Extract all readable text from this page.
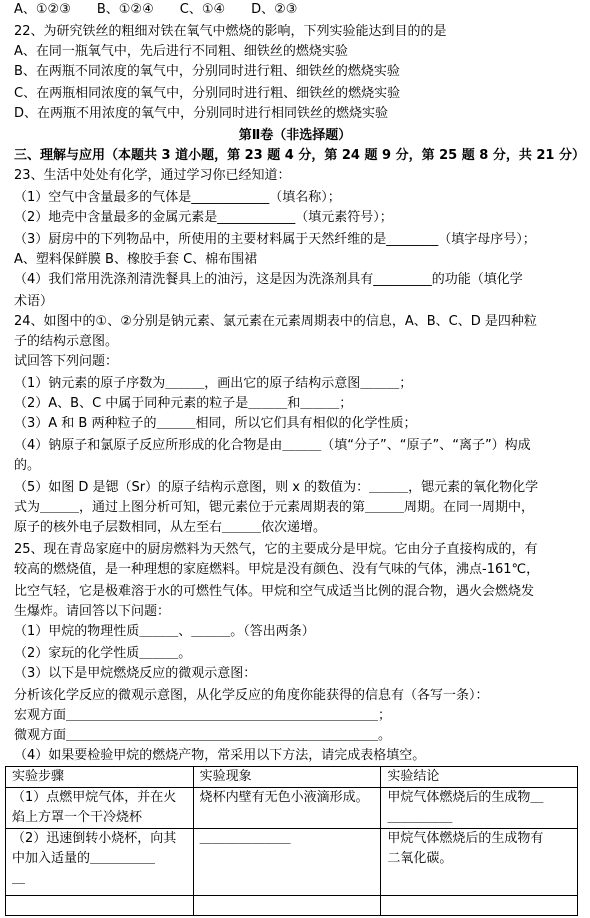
A、①②③　　B、①②④　　C、①④　　D、②③
22、为研究铁丝的粗细对铁在氧气中燃烧的影响，下列实验能达到目的的是
A、在同一瓶氧气中，先后进行不同粗、细铁丝的燃烧实验
B、在两瓶不同浓度的氧气中，分别同时进行粗、细铁丝的燃烧实验
C、在两瓶相同浓度的氧气中，分别同时进行粗、细铁丝的燃烧实验
D、在两瓶不用浓度的氧气中，分别同时进行相同铁丝的燃烧实验
第Ⅱ卷（非选择题）
三、理解与应用（本题共 3 道小题，第 23 题 4 分，第 24 题 9 分，第 25 题 8 分，共 21 分）
23、生活中处处有化学，通过学习你已经知道：
（1）空气中含量最多的气体是____________（填名称）；
（2）地壳中含量最多的金属元素是____________（填元素符号）；
（3）厨房中的下列物品中，所使用的主要材料属于天然纤维的是________（填字母序号）；
A、塑料保鲜膜 B、橡胶手套 C、棉布围裙
（4）我们常用洗涤剂清洗餐具上的油污，这是因为洗涤剂具有_________的功能（填化学
术语）
24、如图中的①、②分别是钠元素、氯元素在元素周期表中的信息，A、B、C、D 是四种粒
子的结构示意图。
试回答下列问题：
（1）钠元素的原子序数为＿＿＿，画出它的原子结构示意图＿＿＿；
（2）A、B、C 中属于同种元素的粒子是＿＿＿和＿＿＿；
（3）A 和 B 两种粒子的＿＿＿相同，所以它们具有相似的化学性质；
（4）钠原子和氯原子反应所形成的化合物是由＿＿＿（填“分子”、“原子”、“离子”）构成
的。
（5）如图 D 是锶（Sr）的原子结构示意图，则 x 的数值为：＿＿＿，锶元素的氧化物化学
式为＿＿＿，通过上图分析可知，锶元素位于元素周期表的第＿＿＿周期。在同一周期中，
原子的核外电子层数相同，从左至右＿＿＿依次递增。
25、现在青岛家庭中的厨房燃料为天然气，它的主要成分是甲烷。它由分子直接构成的，有
较高的燃烧值，是一种理想的家庭燃料。甲烷是没有颜色、没有气味的气体，沸点-161℃，
比空气轻，它是极难溶于水的可燃性气体。甲烷和空气成适当比例的混合物，遇火会燃烧发
生爆炸。请回答以下问题：
（1）甲烷的物理性质＿＿＿、＿＿＿。（答出两条）
（2）家玩的化学性质＿＿＿。
（3）以下是甲烷燃烧反应的微观示意图：
分析该化学反应的微观示意图，从化学反应的角度你能获得的信息有（各写一条）：
宏观方面＿＿＿＿＿＿＿＿＿＿＿＿＿＿＿＿＿＿＿＿＿＿＿＿；
微观方面＿＿＿＿＿＿＿＿＿＿＿＿＿＿＿＿＿＿＿＿＿＿＿＿。
（4）如果要检验甲烷的燃烧产物，常采用以下方法，请完成表格填空。
实验步骤	实验现象	实验结论

（1）点燃甲烷气体，并在火
焰上方罩一个干冷烧杯	烧杯内壁有无色小液滴形成。	甲烷气体燃烧后的生成物＿
＿＿＿＿＿

（2）迅速倒转小烧杯，向其
中加入适量的＿＿＿＿＿
＿	＿＿＿＿＿＿＿	甲烷气体燃烧后的生成物有
二氧化碳。
